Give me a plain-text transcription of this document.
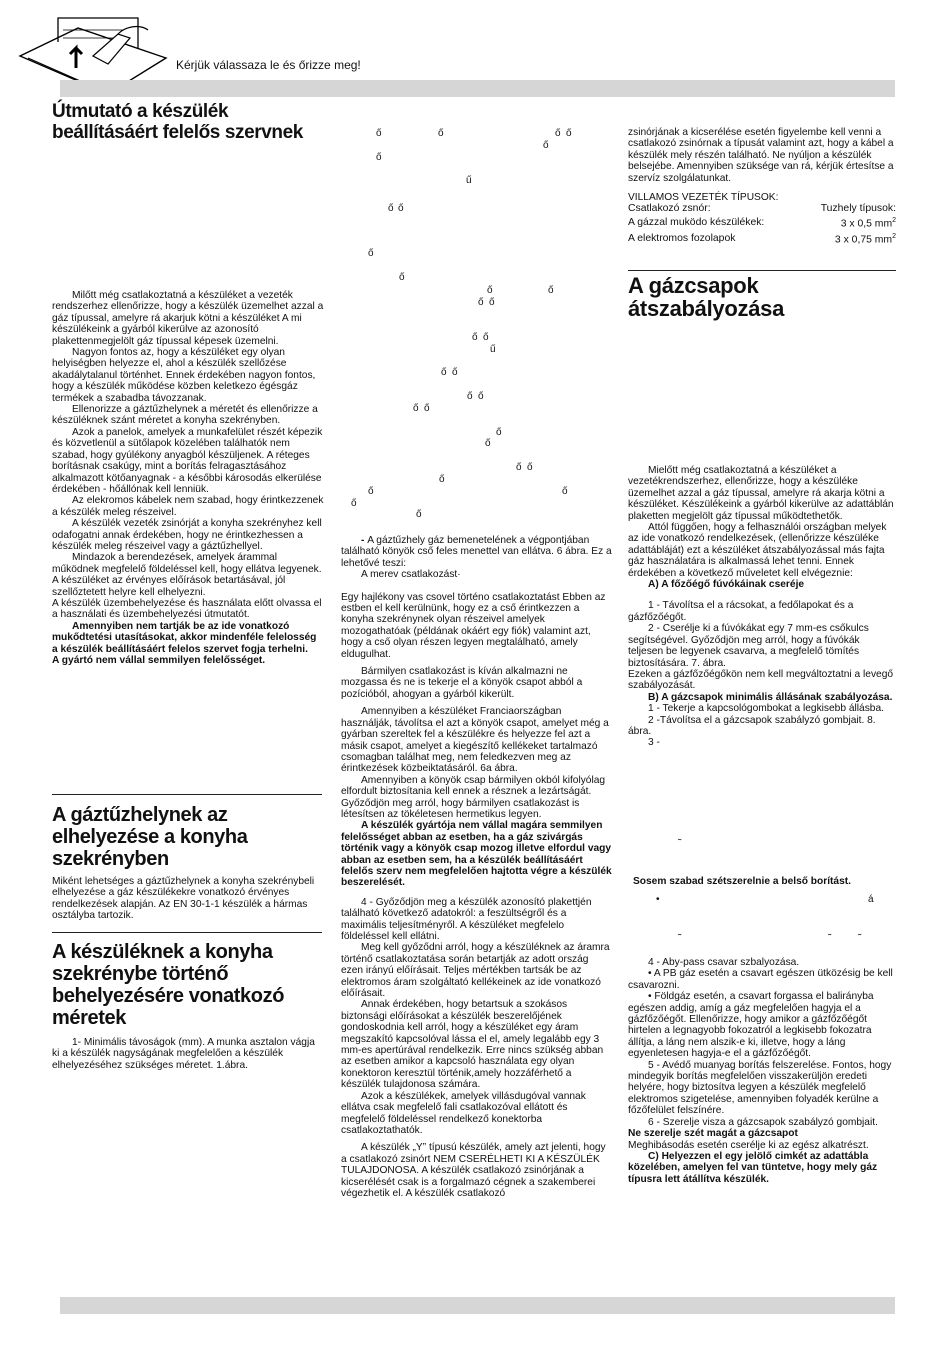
Kérjük válassaza le és őrizze meg!
Útmutató a készülék beállításáért felelős szervnek

Milőtt még csatlakoztatná a készüléket a vezeték rendszerhez ellenőrizze, hogy a készülék üzemelhet azzal a gáz típussal, amelyre rá akarjuk kötni a készüléket A mi készülékeink a gyárból kikerülve az azonosító plakettenmegjelölt gáz típussal képesek üzemelni.

Nagyon fontos az, hogy a készüléket egy olyan helyiségben helyezze el, ahol a készülék szellőzése akadálytalanul történhet. Ennek érdekében nagyon fontos, hogy a készülék működése közben keletkezo égésgáz termékek a szabadba távozzanak.

Ellenorizze a gáztűzhelynek a méretét és ellenőrizze a készüléknek szánt méretet a konyha szekrényben.

Azok a panelok, amelyek a munkafelület részét képezik és közvetlenül a sütőlapok közelében találhatók nem szabad, hogy gyúlékony anyagból készüljenek. A réteges borításnak csakúgy, mint a borítás felragasztásához alkalmazott kötőanyagnak - a későbbi károsodás elkerülése érdekében - hőállónak kell lenniük.

Az elekromos kábelek nem szabad, hogy érintkezzenek a készülék meleg részeivel.

A készülék vezeték zsinórját a konyha szekrényhez kell odafogatni annak érdekében, hogy ne érintkezhessen a készülék meleg részeivel vagy a gáztűzhellyel.

Mindazok a berendezések, amelyek árammal működnek megfelelő földeléssel kell, hogy ellátva legyenek.

A készüléket az érvényes előírások betartásával, jól szellőztetett helyre kell elhelyezni.

A készülék üzembehelyezése és használata előtt olvassa el a használati és üzembehelyezési útmutatót.

Amennyiben nem tartják be az ide vonatkozó mukődtetési utasításokat, akkor mindenféle felelosség a készülék beállításáért felelos szervet fogja terhelni.

A gyártó nem vállal semmilyen felelősséget.

A gáztűzhelynek az elhelyezése a konyha szekrényben

Miként lehetséges a gáztűzhelynek a konyha szekrénybeli elhelyezése a gáz készülékekre vonatkozó érvényes rendelkezések alapján. Az EN 30-1-1 készülék a hármas osztályba tartozik.

A készüléknek a konyha szekrénybe történő behelyezésére vonatkozó méretek

1- Minimális távoságok (mm). A munka asztalon vágja ki a készülék nagyságának megfelelően a készülék elhelyezéséhez szükséges méretet. 1.ábra.

ő	ő	ő ő
ő
ő
ű
ő ő
ő
ő
ő	ő
ő ő
ő ő
ű
ő ő
ő ő
ő ő
ő
ő
ő ő
ő
ő	ő
ő
ő

- A gáztűzhely gáz bemenetelének a végpontjában található könyök cső feles menettel van ellátva. 6 ábra. Ez a lehetővé teszi:

A merev csatlakozást·

Egy hajlékony vas csovel történo csatlakoztatást Ebben az estben el kell kerülnünk, hogy ez a cső érintkezzen a konyha szekrénynek olyan részeivel amelyek mozogathatóak (példának okáért egy fiók) valamint azt, hogy a cső olyan részen legyen megtalálható, amely eldugulhat.

Bármilyen csatlakozást is kíván alkalmazni ne mozgassa és ne is tekerje el a könyök csapot abból a pozícióból, ahogyan a gyárból kikerült.

Amennyiben a készüléket Franciaországban használják, távolítsa el azt a könyök csapot, amelyet még a gyárban szereltek fel a készülékre és helyezze fel azt a másik csapot, amelyet a kiegészítő kellékeket tartalmazó csomagban találhat meg, nem feledkezven meg az érintkezések közbeiktatásáról. 6a ábra.

Amennyiben a könyök csap bármilyen okból kifolyólag elfordult biztosítania kell ennek a résznek a lezártságát. Győződjön meg arról, hogy bármilyen csatlakozást is létesítsen az tökéletesen hermetikus legyen.

A készülék gyártója nem vállal magára semmilyen felelősséget abban az esetben, ha a gáz szivárgás történik vagy a könyök csap mozog illetve elfordul vagy abban az esetben sem, ha a készülék beállításáért felelős szerv nem megfelelően hajtotta végre a készülék beszerelését.

4 - Győződjön meg a készülék azonosító plakettjén található következő adatokról: a feszültségről és a maximális teljesítményről. A készüléket megfelelo földeléssel kell ellátni.

Meg kell győződni arról, hogy a készüléknek az áramra történő csatlakoztatása során betartják az adott ország ezen irányú előírásait. Teljes mértékben tartsák be az elektromos áram szolgáltató kellékeinek az ide vonatkozó előírásait.

Annak érdekében, hogy betartsuk a szokásos biztonsági előírásokat a készülék beszerelőjének gondoskodnia kell arról, hogy a készüléket egy áram megszakító kapcsolóval lássa el el, amely legalább egy 3 mm-es apertúrával rendelkezik. Erre nincs szükség abban az esetben amikor a kapcsoló használata egy olyan konektoron keresztül történik,amely hozzáférhető a készülék tulajdonosa számára.

Azok a készülékek, amelyek villásdugóval vannak ellátva csak megfelelő fali csatlakozóval ellátott és megfelelő földeléssel rendelkező konektorba csatlakoztathatók.

A készülék „Y” típusú készülék, amely azt jelenti, hogy a csatlakozó zsinórt NEM CSERÉLHETI KI A KÉSZÜLÉK TULAJDONOSA. A készülék csatlakozó zsinórjának a kicserélését csak is a forgalmazó cégnek a szakemberei végezhetik el. A készülék csatlakozó

zsinórjának a kicserélése esetén figyelembe kell venni a csatlakozó zsinórnak a típusát valamint azt, hogy a kábel a készülék mely részén található. Ne nyúljon a készülék belsejébe. Amennyiben szüksége van rá, kérjük értesítse a szervíz szolgálatunkat.

VILLAMOS VEZETÉK TÍPUSOK:

Csatlakozó zsnór:	Tuzhely típusok:
A gázzal muködo készülékek:	3 x 0,5 $mm^2$
A elektromos fozolapok	3 x 0,75 $mm^2$
A gázcsapok átszabályozása

Mielőtt még csatlakoztatná a készüléket a vezetékrendszerhez, ellenőrizze, hogy a készüléke üzemelhet azzal a gáz típussal, amelyre rá akarja kötni a készüléket. Készülékeink a gyárból kikerülve az adattáblán plaketten megjelölt gáz típussal működtethetők.

Attól függően, hogy a felhasználói országban melyek az ide vonatkozó rendelkezések, (ellenőrizze készüléke adattábláját) ezt a készüléket átszabályozással más fajta gáz használatára is alkalmassá lehet tenni. Ennek érdekében a következő műveletet kell elvégeznie:

A) A főzőégő fúvókáinak cseréje

1 - Távolítsa el a rácsokat, a fedőlapokat és a gázfőzőégőt.

2 - Cserélje ki a fúvókákat egy 7 mm-es csőkulcs segítségével. Győződjön meg arról, hogy a fúvókák teljesen be legyenek csavarva, a megfelelő tömítés biztosítására. 7. ábra.

Ezeken a gázfőzőégőkön nem kell megváltoztatni a levegő szabályozását.

B) A gázcsapok minimális állásának szabályozása.

1 - Tekerje a kapcsológombokat a legkisebb állásba.

2 -Távolítsa el a gázcsapok szabályzó gombjait. 8. ábra.

3 -

˜
Sosem szabad szétszerelnie a belső borítást.
•	á
˜	˜	˜

4 - Aby-pass csavar szbalyozása.

• A PB gáz esetén a csavart egészen ütközésig be kell csavarozni.

• Földgáz esetén, a csavart forgassa el balirányba egészen addig, amíg a gáz megfelelően hagyja el a gázfőzőégőt. Ellenőrizze, hogy amikor a gázfőzőégőt hirtelen a legnagyobb fokozatról a legkisebb fokozatra állítja, a láng nem alszik-e ki, illetve, hogy a láng egyenletesen hagyja-e el a gázfőzőégőt.

5 - Avédő muanyag borítás felszerelése. Fontos, hogy mindegyik borítás megfelelően visszakerüljön eredeti helyére, hogy biztosítva legyen a készülék megfelelő elektromos szigetelése, amennyiben folyadék kerülne a főzőfelület felszínére.

6 - Szerelje visza a gázcsapok szabályzó gombjait.

Ne szerelje szét magát a gázcsapot

Meghibásodás esetén cserélje ki az egész alkatrészt.

C) Helyezzen el egy jelölő cimkét az adattábla közelében, amelyen fel van tüntetve, hogy mely gáz típusra lett átállítva készülék.
